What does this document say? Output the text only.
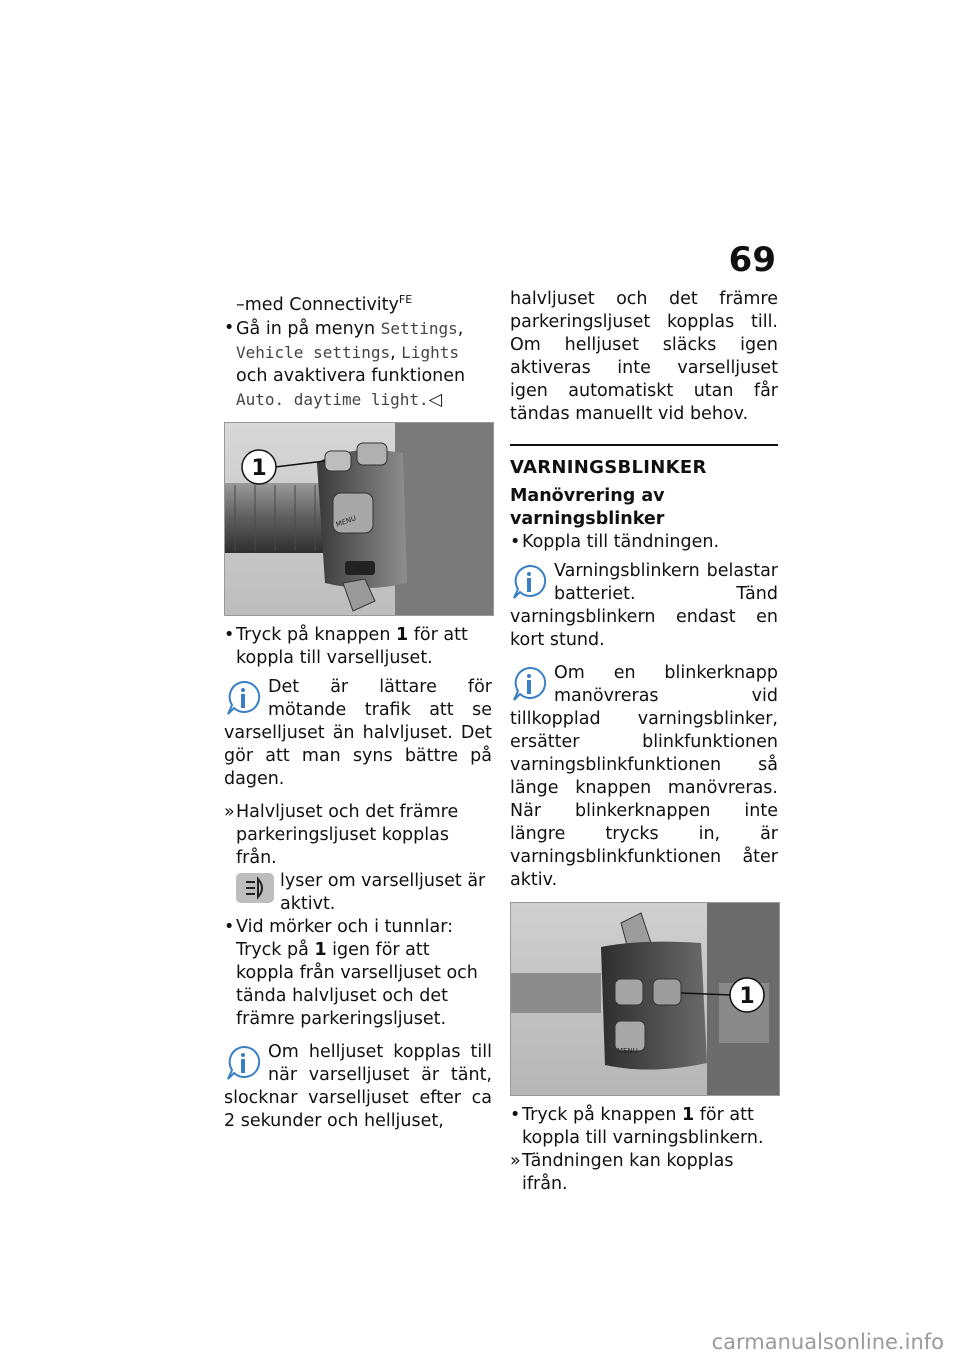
69

–med Connectivity$^{FE}$

• Gå in på menyn Settings, Vehicle settings, Lights och avaktivera funktionen Auto. daytime light.◁

MENU
1

• Tryck på knappen 1 för att koppla till varselljuset.

Det är lättare för mötande trafik att se varselljuset än halvljuset. Det gör att man syns bättre på dagen.

» Halvljuset och det främre parkeringsljuset kopplas från.

lyser om varselljuset är aktivt.

• Vid mörker och i tunnlar:

Tryck på 1 igen för att koppla från varselljuset och tända halvljuset och det främre parkeringsljuset.

Om helljuset kopplas till när varselljuset är tänt, slocknar varselljuset efter ca 2 sekunder och helljuset,

halvljuset och det främre parkeringsljuset kopplas till. Om helljuset släcks igen aktiveras inte varselljuset igen automatiskt utan får tändas manuellt vid behov.

VARNINGSBLINKER

Manövrering av varningsblinker

• Koppla till tändningen.

Varningsblinkern belastar batteriet. Tänd varningsblinkern endast en kort stund.

Om en blinkerknapp manövreras vid tillkopplad varningsblinker, ersätter blinkfunktionen varningsblinkfunktionen så länge knappen manövreras. När blinkerknappen inte längre trycks in, är varningsblinkfunktionen åter aktiv.

MENU
1

• Tryck på knappen 1 för att koppla till varningsblinkern.

» Tändningen kan kopplas ifrån.

carmanualsonline.info
